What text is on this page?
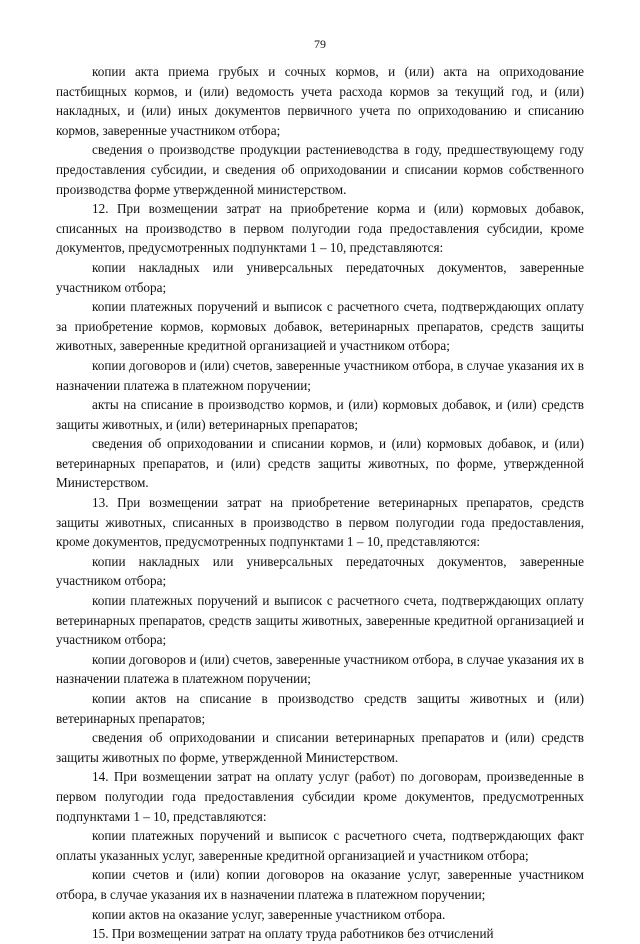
79

копии акта приема грубых и сочных кормов, и (или) акта на оприходование пастбищных кормов, и (или) ведомость учета расхода кормов за текущий год, и (или) накладных, и (или) иных документов первичного учета по оприходованию и списанию кормов, заверенные участником отбора;

сведения о производстве продукции растениеводства в году, предшествующему году предоставления субсидии, и сведения об оприходовании и списании кормов собственного производства форме утвержденной министерством.

12. При возмещении затрат на приобретение корма и (или) кормовых добавок, списанных на производство в первом полугодии года предоставления субсидии, кроме документов, предусмотренных подпунктами 1 – 10, представляются:

копии накладных или универсальных передаточных документов, заверенные участником отбора;

копии платежных поручений и выписок с расчетного счета, подтверждающих оплату за приобретение кормов, кормовых добавок, ветеринарных препаратов, средств защиты животных, заверенные кредитной организацией и участником отбора;

копии договоров и (или) счетов, заверенные участником отбора, в случае указания их в назначении платежа в платежном поручении;

акты на списание в производство кормов, и (или) кормовых добавок, и (или) средств защиты животных, и (или) ветеринарных препаратов;

сведения об оприходовании и списании кормов, и (или) кормовых добавок, и (или) ветеринарных препаратов, и (или) средств защиты животных, по форме, утвержденной Министерством.

13. При возмещении затрат на приобретение ветеринарных препаратов, средств защиты животных, списанных в производство в первом полугодии года предоставления, кроме документов, предусмотренных подпунктами 1 – 10, представляются:

копии накладных или универсальных передаточных документов, заверенные участником отбора;

копии платежных поручений и выписок с расчетного счета, подтверждающих оплату ветеринарных препаратов, средств защиты животных, заверенные кредитной организацией и участником отбора;

копии договоров и (или) счетов, заверенные участником отбора, в случае указания их в назначении платежа в платежном поручении;

копии актов на списание в производство средств защиты животных и (или) ветеринарных препаратов;

сведения об оприходовании и списании ветеринарных препаратов и (или) средств защиты животных по форме, утвержденной Министерством.

14. При возмещении затрат на оплату услуг (работ) по договорам, произведенные в первом полугодии года предоставления субсидии кроме документов, предусмотренных подпунктами 1 – 10, представляются:

копии платежных поручений и выписок с расчетного счета, подтверждающих факт оплаты указанных услуг, заверенные кредитной организацией и участником отбора;

копии счетов и (или) копии договоров на оказание услуг, заверенные участником отбора, в случае указания их в назначении платежа в платежном поручении;

копии актов на оказание услуг, заверенные участником отбора.

15. При возмещении затрат на оплату труда работников без отчислений
